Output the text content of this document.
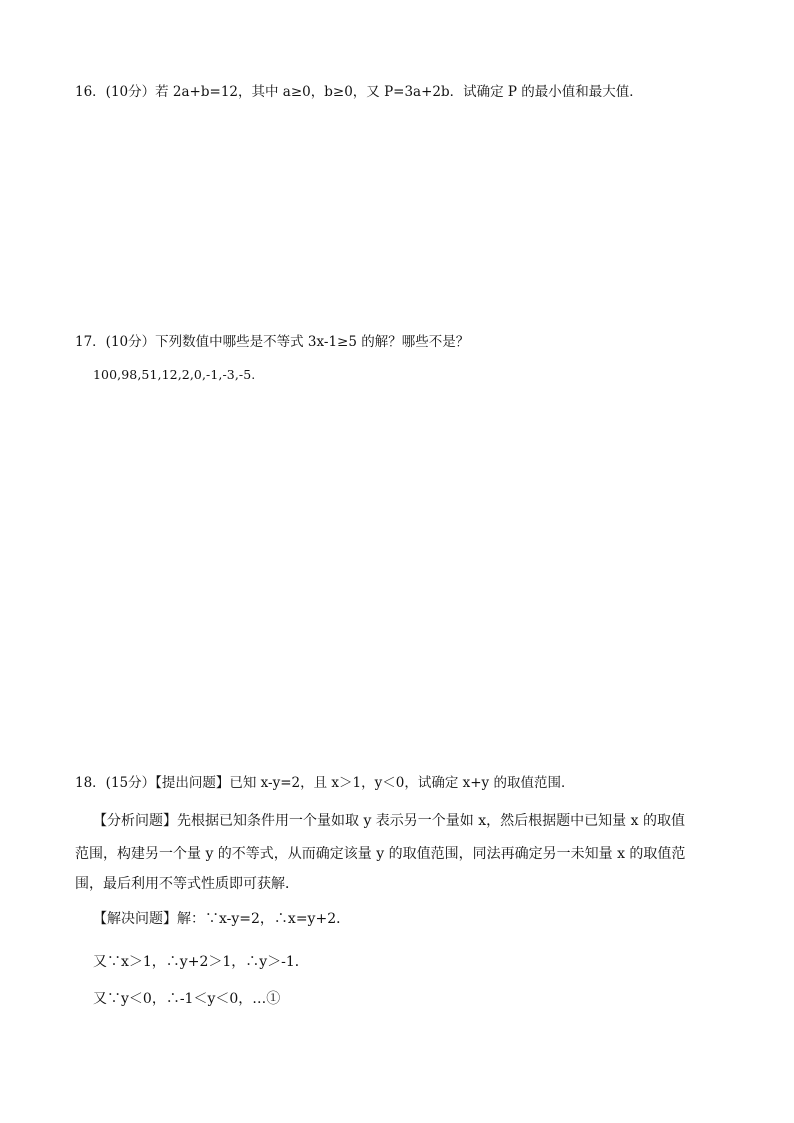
16．(10分）若 2a+b=12，其中 a≥0，b≥0，又 P=3a+2b．试确定 P 的最小值和最大值．
17．(10分）下列数值中哪些是不等式 3x-1≥5 的解？哪些不是？
100,98,51,12,2,0,-1,-3,-5.
18．(15分）【提出问题】已知 x-y=2，且 x＞1，y＜0，试确定 x+y 的取值范围．
【分析问题】先根据已知条件用一个量如取 y 表示另一个量如 x，然后根据题中已知量 x 的取值
范围，构建另一个量 y 的不等式，从而确定该量 y 的取值范围，同法再确定另一未知量 x 的取值范
围，最后利用不等式性质即可获解．
【解决问题】解：∵x-y=2，∴x=y+2．
又∵x＞1，∴y+2＞1，∴y＞-1．
又∵y＜0，∴-1＜y＜0，…①
